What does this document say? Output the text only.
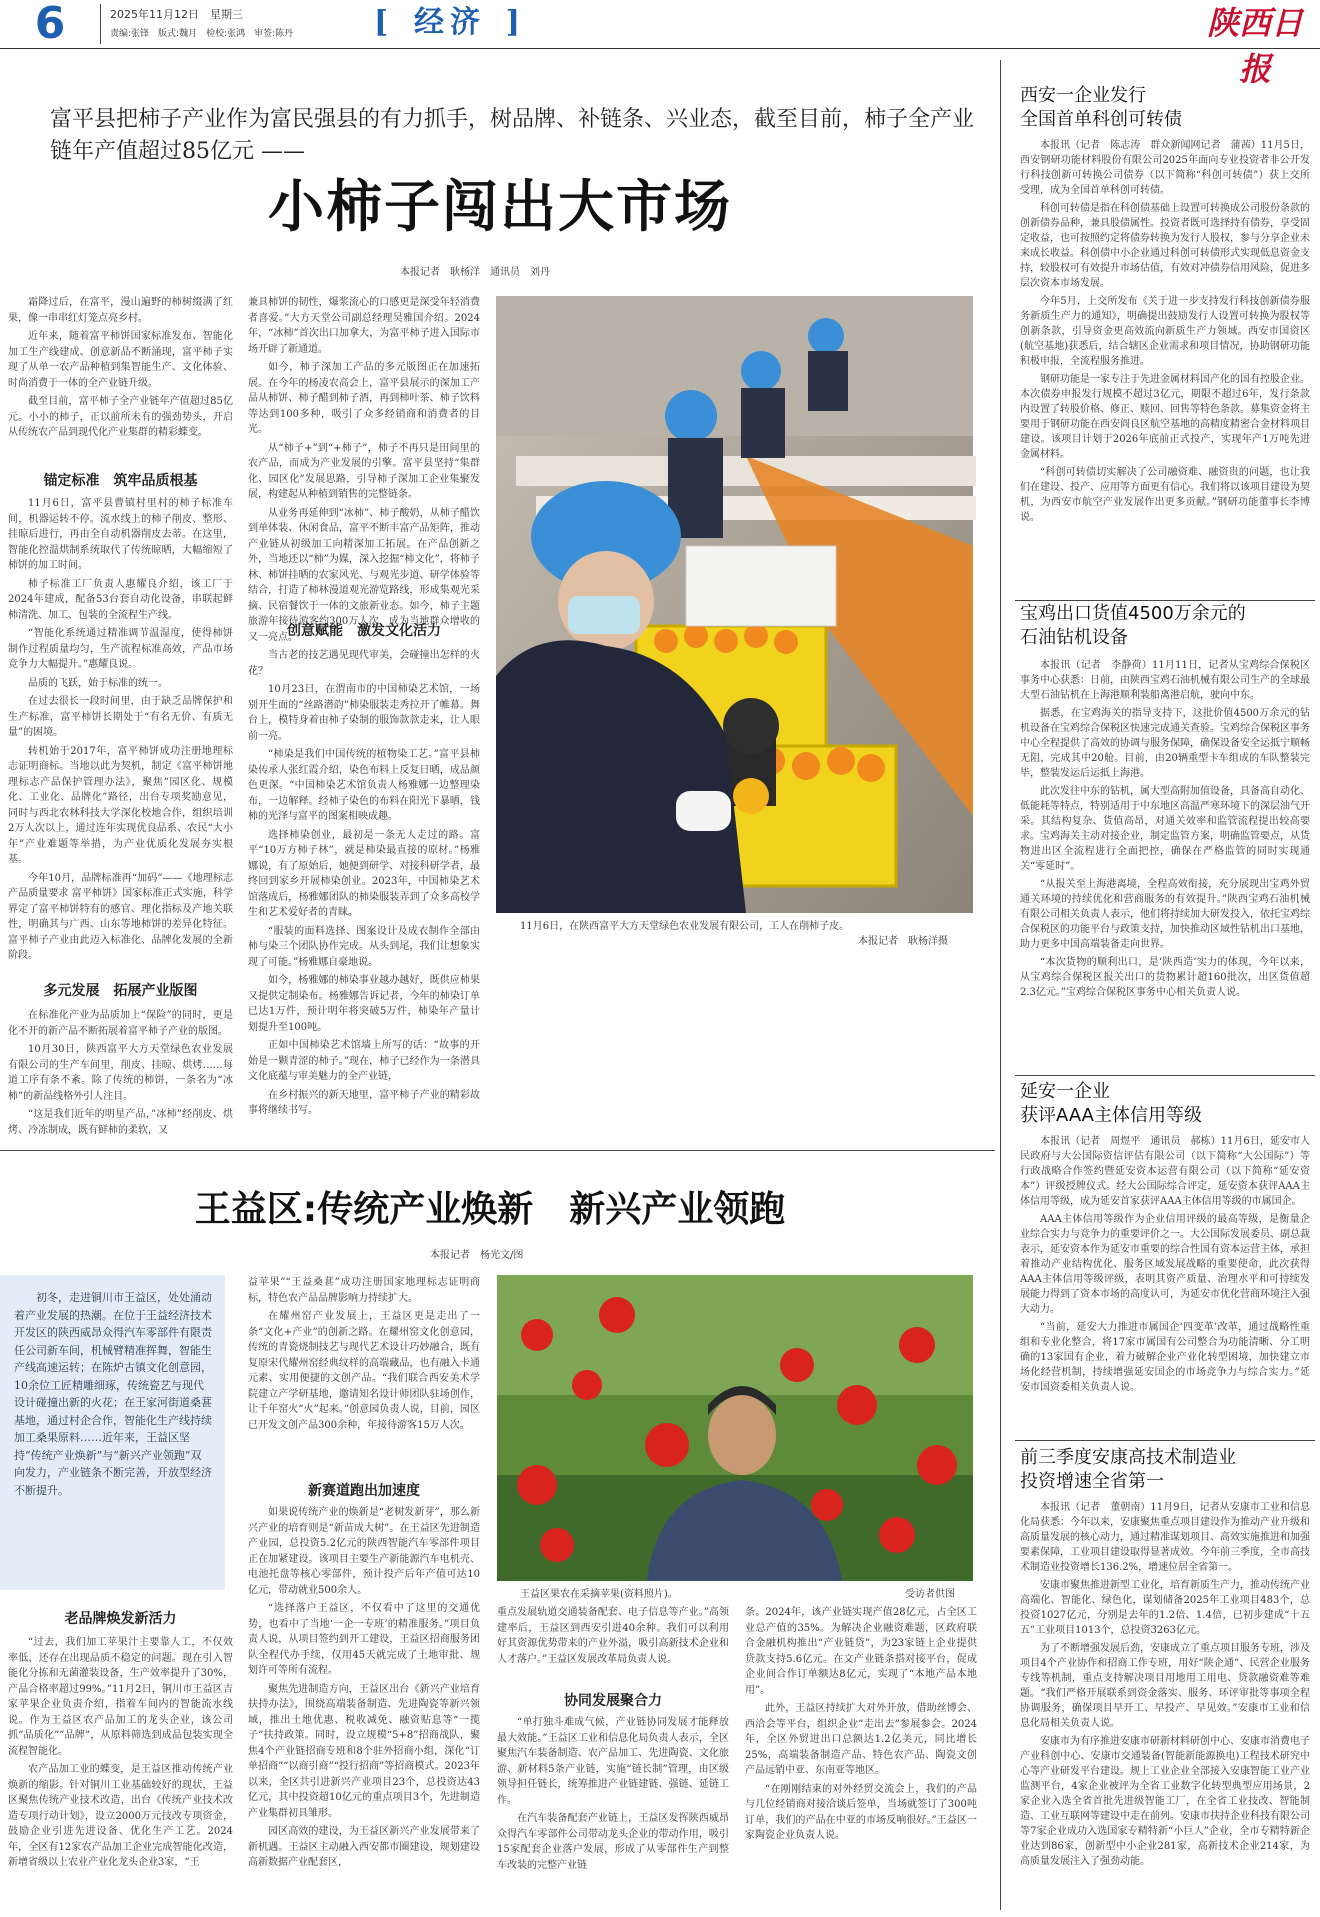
6	2025年11月12日　星期三
责编:张锋　版式:魏月　检校:张鸿　审签:陈丹
[	经济 ]	陕西日报
富平县把柿子产业作为富民强县的有力抓手，树品牌、补链条、兴业态，截至目前，柿子全产业链年产值超过85亿元 ——
小柿子闯出大市场
本报记者　耿杨洋　通讯员　刘丹

霜降过后，在富平，漫山遍野的柿树缀满了红果，像一串串红灯笼点亮乡村。

近年来，随着富平柿饼国家标准发布、智能化加工生产线建成、创意新品不断涌现，富平柿子实现了从单一农产品种植到集智能生产、文化体验、时尚消费于一体的全产业链升级。

截至目前，富平柿子全产业链年产值超过85亿元。小小的柿子，正以前所未有的强劲势头，开启从传统农产品到现代化产业集群的精彩蝶变。

锚定标准　筑牢品质根基

11月6日，富平县曹镇村里村的柿子标准车间，机器运转不停。流水线上的柿子削皮、整形、挂晾后进行，再由全自动机器削皮去蒂。在这里，智能化控温烘制系统取代了传统晾晒，大幅缩短了柿饼的加工时间。

柿子标准工厂负责人惠耀良介绍，该工厂于2024年建成，配备53台套自动化设备，串联起鲜柿清洗、加工、包装的全流程生产线。

“智能化系统通过精准调节温湿度，使得柿饼制作过程质量均匀，生产流程标准高效，产品市场竞争力大幅提升。”惠耀良说。

品质的飞跃，始于标准的统一。

在过去很长一段时间里，由于缺乏品牌保护和生产标准，富平柿饼长期处于“有名无价、有质无量”的困境。

转机始于2017年，富平柿饼成功注册地理标志证明商标。当地以此为契机，制定《富平柿饼地理标志产品保护管理办法》，聚焦“园区化、规模化、工业化、品牌化”路径，出台专项奖励意见，同时与西北农林科技大学深化校地合作，组织培训2万人次以上，通过连年实现优良品系、农民“大小年”产业难题等举措，为产业优质化发展夯实根基。

今年10月，品牌标准再“加码”——《地理标志产品质量要求 富平柿饼》国家标准正式实施，科学界定了富平柿饼特有的感官、理化指标及产地关联性，明确其与广西、山东等地柿饼的差异化特征。富平柿子产业由此迈入标准化、品牌化发展的全新阶段。

多元发展　拓展产业版图

在标准化产业为品质加上“保险”的同时，更是化不开的新产品不断拓展着富平柿子产业的版图。

10月30日，陕西富平大方天堂绿色农业发展有限公司的生产车间里，削皮、挂晾、烘烤……每道工序有条不紊。除了传统的柿饼，一条名为“冰柿”的新品线格外引人注目。

“这是我们近年的明星产品，”冰柿”经削皮、烘烤、冷冻制成，既有鲜柿的柔软，又

兼具柿饼的韧性，爆浆流心的口感更是深受年轻消费者喜爱。”大方天堂公司副总经理吴雅国介绍。2024年，“冰柿”首次出口加拿大，为富平柿子进入国际市场开辟了新通道。

如今，柿子深加工产品的多元版图正在加速拓展。在今年的杨凌农高会上，富平县展示的深加工产品从柿饼、柿子醋到柿子酒，再到柿叶茶、柿子饮料等达到100多种，吸引了众多经销商和消费者的目光。

从“柿子+”到“+柿子”，柿子不再只是田间里的农产品，而成为产业发展的引擎。富平县坚持“集群化、园区化”发展思路，引导柿子深加工企业集聚发展，构建起从种植到销售的完整链条。

从业务再延伸到“冰柿”、柿子酸奶，从柿子醋饮到单体装、休闲食品，富平不断丰富产品矩阵，推动产业链从初级加工向精深加工拓展。在产品创新之外，当地还以“柿”为媒，深入挖掘“柿文化”，将柿子林、柿饼挂晒的农家风光、与观光步道、研学体验等结合，打造了柿林漫道观光游览路线，形成集观光采摘、民宿餐饮于一体的文旅新业态。如今，柿子主题旅游年接待游客约300万人次，成为当地群众增收的又一亮点。

创意赋能　激发文化活力

当古老的技艺遇见现代审美，会碰撞出怎样的火花？

10月23日，在渭南市的中国柿染艺术馆，一场别开生面的“丝路潜韵”柿染服装走秀拉开了帷幕。舞台上，模特身着由柿子染制的服饰款款走来，让人眼前一亮。

“柿染是我们中国传统的植物染工艺。”富平县柿染传承人张红霞介绍，染色布料上反复日晒，成品颜色更深。“中国柿染艺术馆负责人杨雅娜一边整理染布，一边解释。经柿子染色的布料在阳光下暴晒，钱柿的光泽与富平的图案相映成趣。

选择柿染创业，最初是一条无人走过的路。富平“10万方柿子林”，就是柿染最直接的原材。”杨雅娜说，有了原始后，她便到研学、对接科研学者，最终回到家乡开展柿染创业。2023年，中国柿染艺术馆落成后，杨雅娜团队的柿染服装弄到了众多高校学生和艺术爱好者的青睐。

“服装的面料选择、图案设计及成衣制作全部由柿与染三个团队协作完成。从头到尾，我们让想象实现了可能。”杨雅娜自豪地说。

如今，杨雅娜的柿染事业越办越好，既供应柿果又提供定制染布。杨雅娜告诉记者，今年的柿染订单已达1万件，预计明年将突破5万件，柿染年产量计划提升至100吨。

正如中国柿染艺术馆墙上所写的话：“故事的开始是一颗青涩的柿子。”现在，柿子已经作为一条潜具文化底蕴与审美魅力的全产业链，

在乡村振兴的新天地里，富平柿子产业的精彩故事将继续书写。

11月6日，在陕西富平大方天堂绿色农业发展有限公司，工人在削柿子皮。
本报记者　耿杨洋摄
王益区:传统产业焕新　新兴产业领跑
本报记者　杨光文/图
初冬，走进铜川市王益区，处处涌动着产业发展的热潮。在位于王益经济技术开发区的陕西威昂众得汽车零部件有限责任公司新车间，机械臂精准挥舞，智能生产线高速运转；在陈炉古镇文化创意园，10余位工匠精雕细琢，传统瓷艺与现代设计碰撞出新的火花；在王家河街道桑葚基地，通过村企合作，智能化生产线持续加工桑果原料……近年来，王益区坚持“传统产业焕新”与“新兴产业领跑”双向发力，产业链条不断完善，开放型经济不断提升。
老品牌焕发新活力

“过去，我们加工苹果汁主要靠人工，不仅效率低，还存在出现品质不稳定的问题。现在引入智能化分拣和无菌灌装设备，生产效率提升了30%，产品合格率超过99%。”11月2日，铜川市王益区吉家苹果企业负责介绍，指着车间内的智能流水线说。作为王益区农产品加工的龙头企业，该公司抓“品质化”“品牌”，从原料筛选到成品包装实现全流程智能化。

农产品加工业的蝶变，是王益区推动传统产业焕新的缩影。针对铜川工业基础较好的现状，王益区聚焦传统产业技术改造，出台《传统产业技术改造专项行动计划》，设立2000万元技改专项资金，鼓励企业引进先进设备、优化生产工艺。2024年，全区有12家农产品加工企业完成智能化改造，新增省级以上农业产业化龙头企业3家，“王

益苹果”“王益桑葚”成功注册国家地理标志证明商标，特色农产品品牌影响力持续扩大。

在耀州窑产业发展上，王益区更是走出了一条“文化+产业”的创新之路。在耀州窑文化创意园，传统的青瓷烧制技艺与现代艺术设计巧妙融合，既有复原宋代耀州窑经典纹样的高端藏品，也有融入卡通元素、实用便捷的文创产品。“我们联合西安美术学院建立产学研基地，邀请知名设计师团队驻场创作，让千年窑火“火”起来。”创意园负责人说，目前，园区已开发文创产品300余种，年接待游客15万人次。

新赛道跑出加速度

如果说传统产业的焕新是“老树发新芽”，那么新兴产业的培育则是“新苗成大树”。在王益区先进制造产业园，总投资5.2亿元的陕西智能汽车零部件项目正在加紧建设。该项目主要生产新能源汽车电机壳、电池托盘等核心零部件，预计投产后年产值可达10亿元，带动就业500余人。

“选择落户王益区，不仅看中了这里的交通优势，也看中了当地‘一企一专班’的精准服务。”项目负责人说，从项目签约到开工建设，王益区招商服务团队全程代办手续，仅用45天就完成了土地审批、规划许可等所有流程。

聚焦先进制造方向，王益区出台《新兴产业培育扶持办法》，围绕高端装备制造、先进陶瓷等新兴领域，推出土地优惠、税收减免、融资贴息等“一揽子”扶持政策。同时，设立规模“5+8”招商战队，聚焦4个产业链招商专班和8个驻外招商小组，深化“订单招商”“以商引商”“投行招商”等招商模式。2023年以来，全区共引进新兴产业项目23个，总投资达43亿元，其中投资超10亿元的重点项目3个，先进制造产业集群初具雏形。

园区高效的建设，为王益区新兴产业发展带来了新机遇。王益区主动融入西安都市圈建设，规划建设高新数据产业配套区，

王益区果农在采摘苹果(资料照片)。	受访者供图

重点发展轨道交通装备配套、电子信息等产业。”高领建率后，王益区到西安引进40余种。我们可以利用好其资源优势带来的产业外溢，吸引高新技术企业和人才落户。”王益区发展改革局负责人说。

协同发展聚合力

“单打独斗难成气候，产业链协同发展才能释放最大效能。”王益区工业和信息化局负责人表示，全区聚焦汽车装备制造、农产品加工、先进陶瓷、文化旅游、新材料5条产业链，实施“链长制”管理，由区级领导担任链长，统筹推进产业链建链、强链、延链工作。

在汽车装备配套产业链上，王益区发挥陕西威昂众得汽车零部件公司带动龙头企业的带动作用，吸引15家配套企业落户发展，形成了从零部件生产到整车改装的完整产业链

条。2024年，该产业链实现产值28亿元，占全区工业总产值的35%。为解决企业融资难题，区政府联合金融机构推出“产业链贷”，为23家链上企业提供贷款支持5.6亿元。在文产业链条搭对接平台，促成企业间合作订单额达8亿元，实现了“本地产品本地用”。

此外，王益区持续扩大对外开放，借助丝博会、西洽会等平台，组织企业“走出去”参展参会。2024年，全区外贸进出口总额达1.2亿美元，同比增长25%，高端装备制造产品、特色农产品、陶瓷文创产品远销中亚、东南亚等地区。

“在刚刚结束的对外经贸交流会上，我们的产品与几位经销商对接洽谈后签单，当场就签订了300吨订单，我们的产品在中亚的市场反响很好。”王益区一家陶瓷企业负责人说。

西安一企业发行
全国首单科创可转债

本报讯（记者　陈志涛　群众新闻网记者　蒲茜）11月5日，西安钢研功能材料股份有限公司2025年面向专业投资者非公开发行科技创新可转换公司债券（以下简称“科创可转债”）获上交所受理，成为全国首单科创可转债。

科创可转债是指在科创债基础上设置可转换成公司股份条款的创新债券品种，兼具股债属性。投资者既可选择持有债券，享受固定收益，也可按照约定将债券转换为发行人股权，参与分享企业未来成长收益。科创债中小企业通过科创可转债形式实现低息资金支持，较股权可有效提升市场估值，有效对冲债券信用风险，促进多层次资本市场发展。

今年5月，上交所发布《关于进一步支持发行科技创新债券服务新质生产力的通知》，明确提出鼓励发行人设置可转换为股权等创新条款，引导资金更高效流向新质生产力领域。西安市国资区(航空基地)获悉后，结合辖区企业需求和项目情况，协助钢研功能积极申报，全流程服务推进。

钢研功能是一家专注于先进金属材料国产化的国有控股企业。本次债券申报发行规模不超过3亿元，期限不超过6年，发行条款内设置了转股价格、修正、赎回、回售等特色条款。募集资金将主要用于钢研功能在西安阎良区航空基地的高精度精密合金材料项目建设。该项目计划于2026年底前正式投产，实现年产1万吨先进金属材料。

“科创可转债切实解决了公司融资难、融资贵的问题，也让我们在建设、投产、应用等方面更有信心。我们将以该项目建设为契机，为西安市航空产业发展作出更多贡献。”钢研功能董事长李博说。

宝鸡出口货值4500万余元的
石油钻机设备

本报讯（记者　李静荷）11月11日，记者从宝鸡综合保税区事务中心获悉：日前，由陕西宝鸡石油机械有限公司生产的全球最大型石油钻机在上海港顺利装船离港启航，驶向中东。

据悉，在宝鸡海关的指导支持下，这批价值4500万余元的钻机设备在宝鸡综合保税区快速完成通关查验。宝鸡综合保税区事务中心全程提供了高效的协调与服务保障，确保设备安全运抵宁顺畅无阻，完成其中20舱。目前，由20辆重型卡车组成的车队整装完毕，整装发运后运抵上海港。

此次发往中东的钻机，属大型高附加值设备，具备高自动化、低能耗等特点，特别适用于中东地区高温严寒环境下的深层油气开采。其结构复杂、货值高昂，对通关效率和监管流程提出较高要求。宝鸡海关主动对接企业，制定监管方案，明确监管要点，从货物进出区全流程进行全面把控，确保在严格监管的同时实现通关“零延时”。

“从报关至上海港离境，全程高效衔接，充分展现出宝鸡外贸通关环境的持续优化和营商服务的有效提升。”陕西宝鸡石油机械有限公司相关负责人表示，他们将持续加大研发投入，依托宝鸡综合保税区的功能平台与政策支持，加快推动区域性钻机出口基地，助力更多中国高端装备走向世界。

“本次货物的顺利出口，是‘陕西造’实力的体现，今年以来，从宝鸡综合保税区报关出口的货物累计超160批次，出区货值超2.3亿元。”宝鸡综合保税区事务中心相关负责人说。

延安一企业
获评AAA主体信用等级

本报讯（记者　周煜平　通讯员　郝栋）11月6日，延安市人民政府与大公国际资信评估有限公司（以下简称“大公国际”）等行政战略合作签约暨延安资本运营有限公司（以下简称“延安资本”）评级授牌仪式。经大公国际综合评定，延安资本获评AAA主体信用等级，成为延安首家获评AAA主体信用等级的市属国企。

AAA主体信用等级作为企业信用评级的最高等级，是衡量企业综合实力与竞争力的重要评价之一。大公国际发展委员、副总裁表示，延安资本作为延安市重要的综合性国有资本运营主体，承担着推动产业结构优化、服务区域发展战略的重要使命，此次获得AAA主体信用等级评级，表明其资产质量、治理水平和可持续发展能力得到了资本市场的高度认可，为延安市优化营商环境注入强大动力。

“当前，延安大力推进市属国企‘四变革’改革，通过战略性重组和专业化整合，将17家市属国有公司整合为功能清晰、分工明确的13家国有企业，着力破解企业产业化转型困境，加快建立市场化经营机制，持续增强延安国企的市场竞争力与综合实力。”延安市国资委相关负责人说。

前三季度安康高技术制造业
投资增速全省第一

本报讯（记者　董朝南）11月9日，记者从安康市工业和信息化局获悉：今年以来，安康聚焦重点项目建设作为推动产业升级和高质量发展的核心动力，通过精准谋划项目、高效实施推进和加强要素保障，工业项目建设取得显著成效。今年前三季度，全市高技术制造业投资增长136.2%，增速位居全省第一。

安康市聚焦推进新型工业化，培育新质生产力，推动传统产业高端化、智能化、绿色化，谋划储备2025年工业项目483个，总投资1027亿元，分别是去年的1.2倍、1.4倍，已初步建成“十五五”工业项目1013个，总投资3263亿元。

为了不断增强发展后劲，安康成立了重点项目服务专班，涉及项目4个产业协作和招商工作专班，用好“陕企通”、民营企业服务专线等机制，重点支持解决项目用地用工用电、贷款融资难等难题。“我们严格开展联系到资金落实、服务、环评审批等事项全程协调服务，确保项目早开工、早投产、早见效。”安康市工业和信息化局相关负责人说。

安康市为有序推进安康市研新材料研创中心、安康市消费电子产业科创中心、安康市交通装备(智能新能源换电)工程技术研究中心等产业研发平台建设。规上工业企业全部接入安康智能工业产业监测平台，4家企业被评为全省工业数字化转型典型应用场景，2家企业入选全省首批先进级智能工厂，在全省工业技改、智能制造、工业互联网等建设中走在前列。安康市扶持企业科技有限公司等7家企业成功入选国家专精特新“小巨人”企业，全市专精特新企业达到86家，创新型中小企业281家，高新技术企业214家，为高质量发展注入了强劲动能。
